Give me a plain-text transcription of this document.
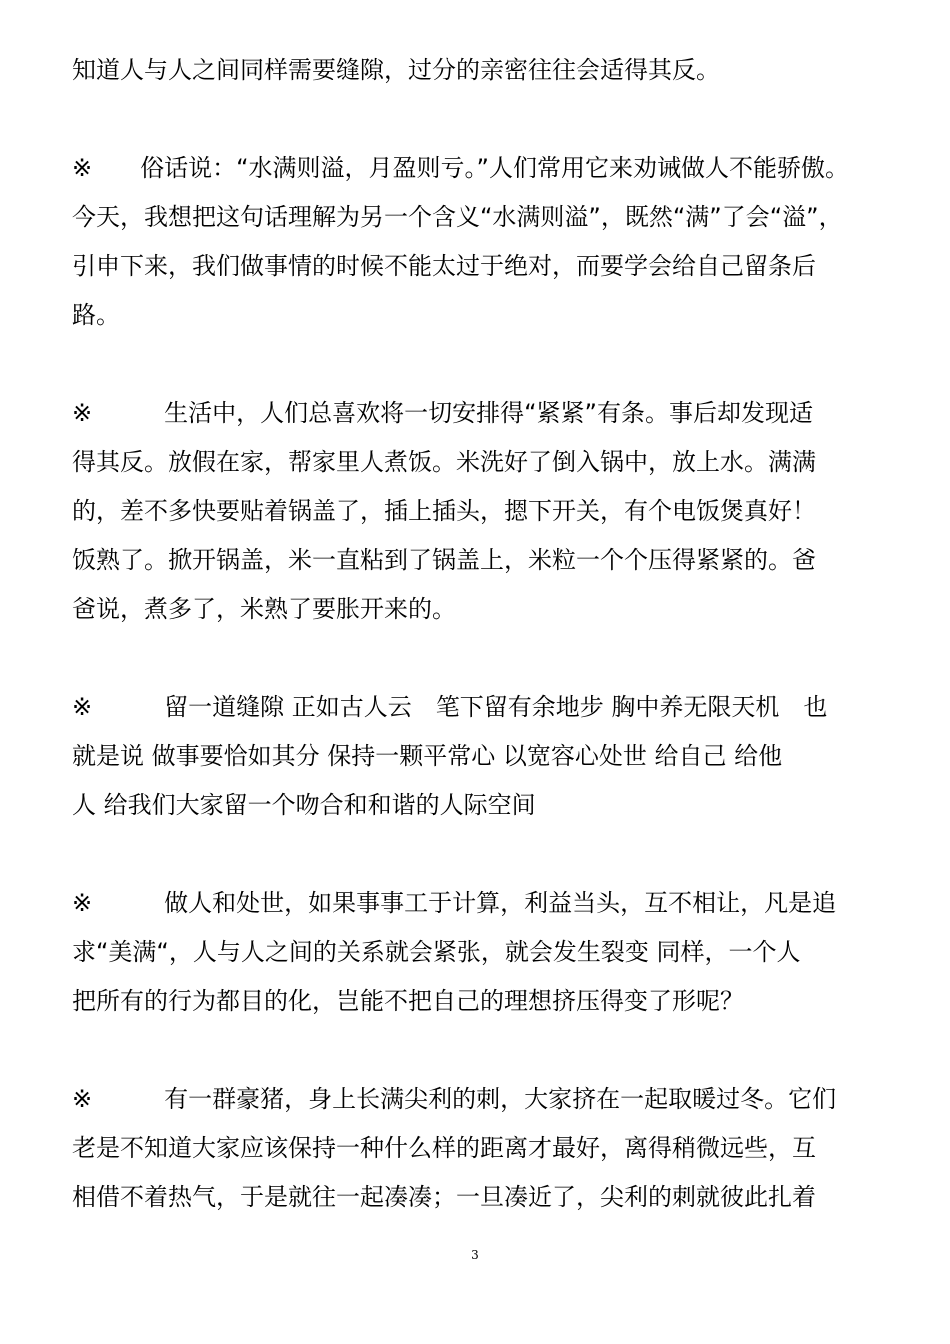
知道人与人之间同样需要缝隙，过分的亲密往往会适得其反。
※　　俗话说：“水满则溢，月盈则亏。”人们常用它来劝诫做人不能骄傲。
今天，我想把这句话理解为另一个含义“水满则溢”，既然“满”了会“溢”，
引申下来，我们做事情的时候不能太过于绝对，而要学会给自己留条后
路。
※　　　生活中，人们总喜欢将一切安排得“紧紧”有条。事后却发现适
得其反。放假在家，帮家里人煮饭。米洗好了倒入锅中，放上水。满满
的，差不多快要贴着锅盖了，插上插头，摁下开关，有个电饭煲真好！
饭熟了。掀开锅盖，米一直粘到了锅盖上，米粒一个个压得紧紧的。爸
爸说，煮多了，米熟了要胀开来的。
※　　　留一道缝隙 正如古人云　笔下留有余地步 胸中养无限天机　也
就是说 做事要恰如其分 保持一颗平常心 以宽容心处世 给自己 给他
人 给我们大家留一个吻合和和谐的人际空间
※　　　做人和处世，如果事事工于计算，利益当头，互不相让，凡是追
求“美满“，人与人之间的关系就会紧张，就会发生裂变 同样，一个人
把所有的行为都目的化，岂能不把自己的理想挤压得变了形呢？
※　　　有一群豪猪，身上长满尖利的刺，大家挤在一起取暖过冬。它们
老是不知道大家应该保持一种什么样的距离才最好，离得稍微远些，互
相借不着热气，于是就往一起凑凑；一旦凑近了，尖利的刺就彼此扎着
3
